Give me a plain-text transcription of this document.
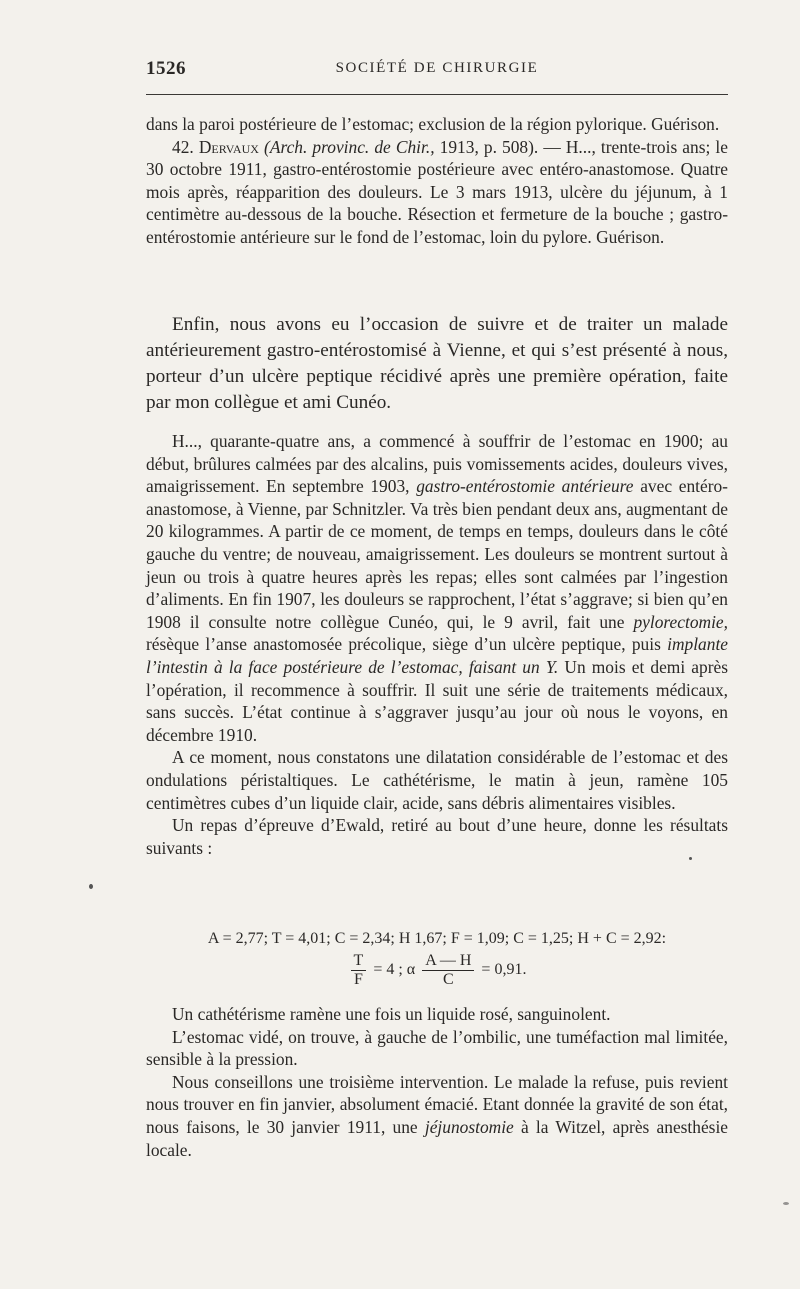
1526	SOCIÉTÉ DE CHIRURGIE

dans la paroi postérieure de l’estomac; exclusion de la région pylorique. Guérison.

42. Dervaux (Arch. provinc. de Chir., 1913, p. 508). — H..., trente-trois ans; le 30 octobre 1911, gastro-entérostomie postérieure avec entéro-anastomose. Quatre mois après, réapparition des douleurs. Le 3 mars 1913, ulcère du jéjunum, à 1 centimètre au-dessous de la bouche. Résection et fermeture de la bouche ; gastro-entérostomie antérieure sur le fond de l’estomac, loin du pylore. Guérison.

Enfin, nous avons eu l’occasion de suivre et de traiter un malade antérieurement gastro-entérostomisé à Vienne, et qui s’est présenté à nous, porteur d’un ulcère peptique récidivé après une première opération, faite par mon collègue et ami Cunéo.

H..., quarante-quatre ans, a commencé à souffrir de l’estomac en 1900; au début, brûlures calmées par des alcalins, puis vomissements acides, douleurs vives, amaigrissement. En septembre 1903, gastro-entérostomie antérieure avec entéro-anastomose, à Vienne, par Schnitzler. Va très bien pendant deux ans, augmentant de 20 kilogrammes. A partir de ce moment, de temps en temps, douleurs dans le côté gauche du ventre; de nouveau, amaigrissement. Les douleurs se montrent surtout à jeun ou trois à quatre heures après les repas; elles sont calmées par l’ingestion d’aliments. En fin 1907, les douleurs se rapprochent, l’état s’aggrave; si bien qu’en 1908 il consulte notre collègue Cunéo, qui, le 9 avril, fait une pylorectomie, résèque l’anse anastomosée précolique, siège d’un ulcère peptique, puis implante l’intestin à la face postérieure de l’estomac, faisant un Y. Un mois et demi après l’opération, il recommence à souffrir. Il suit une série de traitements médicaux, sans succès. L’état continue à s’aggraver jusqu’au jour où nous le voyons, en décembre 1910.

A ce moment, nous constatons une dilatation considérable de l’estomac et des ondulations péristaltiques. Le cathétérisme, le matin à jeun, ramène 105 centimètres cubes d’un liquide clair, acide, sans débris alimentaires visibles.

Un repas d’épreuve d’Ewald, retiré au bout d’une heure, donne les résultats suivants :

A = 2,77; T = 4,01; C = 2,34; H 1,67; F = 1,09; C = 1,25; H + C = 2,92:
$\frac{T}{F} = 4$ ; α $\frac{A — H}{C} = 0,91$.

Un cathétérisme ramène une fois un liquide rosé, sanguinolent.

L’estomac vidé, on trouve, à gauche de l’ombilic, une tuméfaction mal limitée, sensible à la pression.

Nous conseillons une troisième intervention. Le malade la refuse, puis revient nous trouver en fin janvier, absolument émacié. Etant donnée la gravité de son état, nous faisons, le 30 janvier 1911, une jéjunostomie à la Witzel, après anesthésie locale.
